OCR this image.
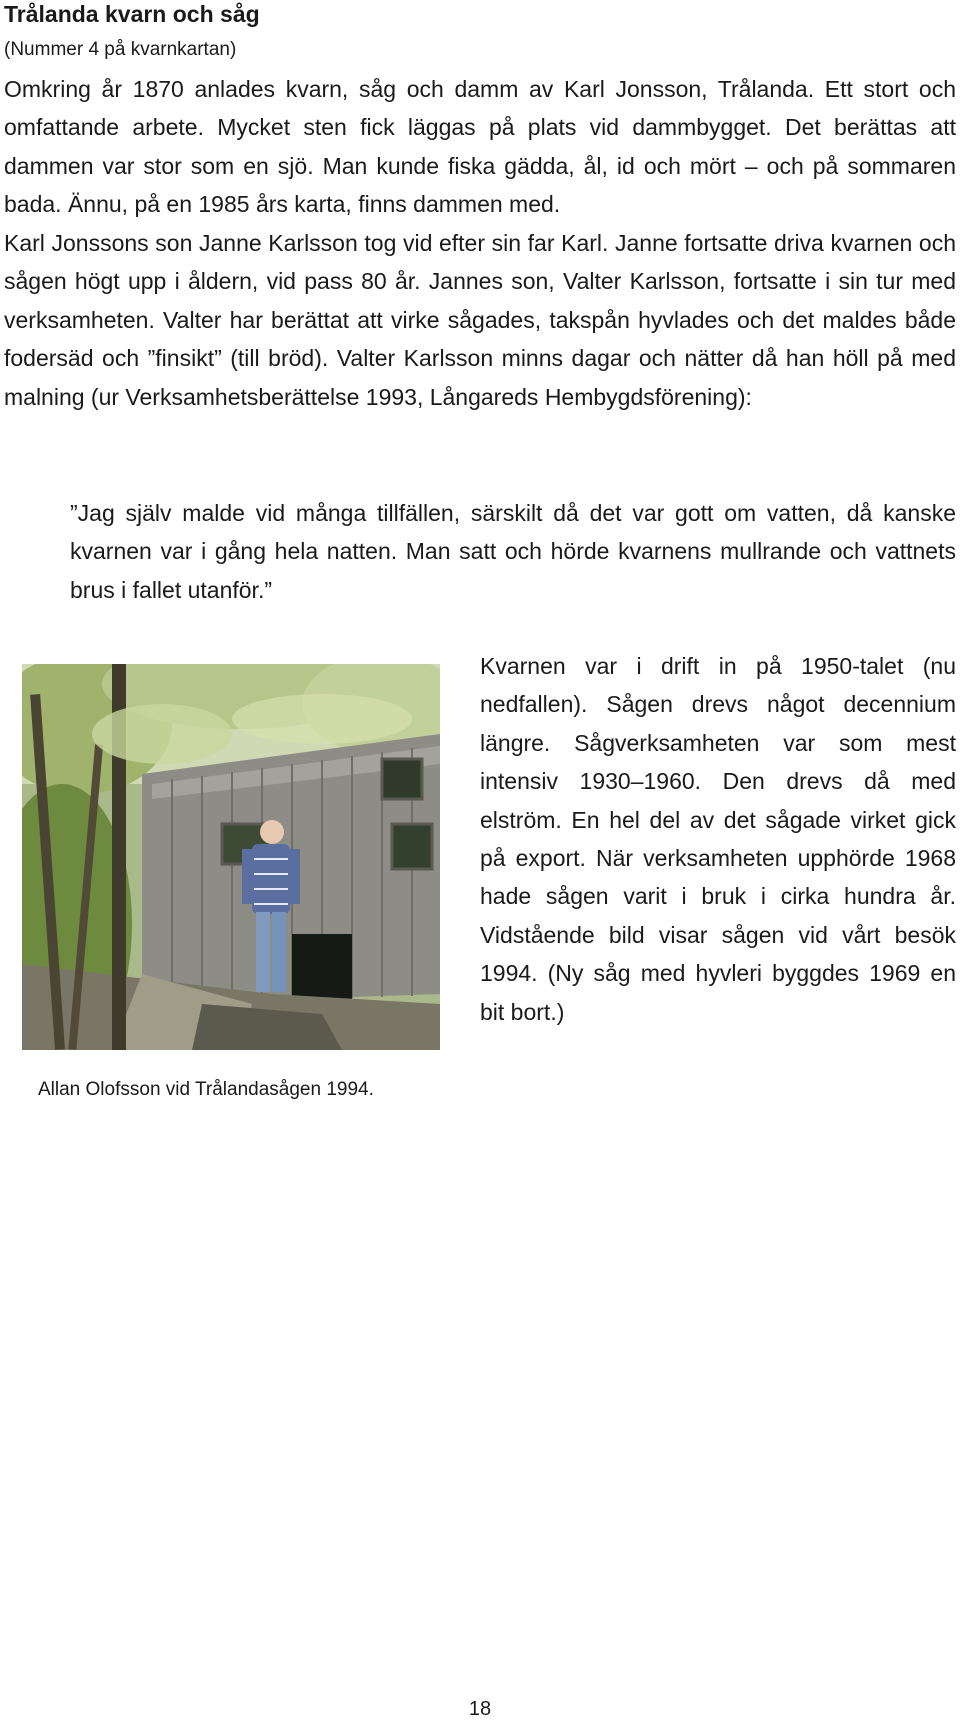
Trålanda kvarn och såg

(Nummer 4 på kvarnkartan)

Omkring år 1870 anlades kvarn, såg och damm av Karl Jonsson, Trålanda. Ett stort och omfattande arbete. Mycket sten fick läggas på plats vid dammbygget. Det berättas att dammen var stor som en sjö. Man kunde fiska gädda, ål, id och mört – och på sommaren bada. Ännu, på en 1985 års karta, finns dammen med.

Karl Jonssons son Janne Karlsson tog vid efter sin far Karl. Janne fortsatte driva kvarnen och sågen högt upp i åldern, vid pass 80 år. Jannes son, Valter Karlsson, fortsatte i sin tur med verksamheten. Valter har berättat att virke sågades, takspån hyvlades och det maldes både fodersäd och ”finsikt” (till bröd). Valter Karlsson minns dagar och nätter då han höll på med malning (ur Verksamhetsberättelse 1993, Långareds Hembygdsförening):

”Jag själv malde vid många tillfällen, särskilt då det var gott om vatten, då kanske kvarnen var i gång hela natten. Man satt och hörde kvarnens mullrande och vattnets brus i fallet utanför.”

Kvarnen var i drift in på 1950-talet (nu nedfallen). Sågen drevs något decennium längre. Sågverksamheten var som mest intensiv 1930–1960. Den drevs då med elström. En hel del av det sågade virket gick på export. När verksamheten upphörde 1968 hade sågen varit i bruk i cirka hundra år. Vidstående bild visar sågen vid vårt besök 1994. (Ny såg med hyvleri byggdes 1969 en bit bort.)

Allan Olofsson vid Trålandasågen 1994.

18
